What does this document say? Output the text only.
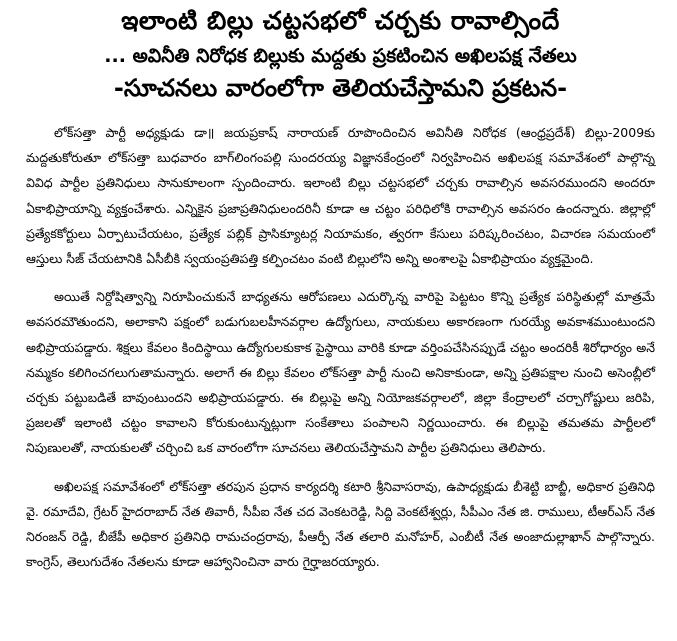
ఇలాంటి బిల్లు చట్టసభలో చర్చకు రావాల్సిందే
... అవినీతి నిరోధక బిల్లుకు మద్దతు ప్రకటించిన అఖిలపక్ష నేతలు
-సూచనలు వారంలోగా తెలియచేస్తామని ప్రకటన-

లోక్‌సత్తా పార్టీ అధ్యక్షుడు డా॥ జయప్రకాష్ నారాయణ్ రూపొందించిన అవినీతి నిరోధక (ఆంధ్రప్రదేశ్) బిల్లు-2009కు మద్దతుకోరుతూ లోక్‌సత్తా బుధవారం బాగ్‌లింగంపల్లి సుందరయ్య విజ్ఞానకేంద్రంలో నిర్వహించిన అఖిలపక్ష సమావేశంలో పాల్గొన్న వివిధ పార్టీల ప్రతినిధులు సానుకూలంగా స్పందించారు. ఇలాంటి బిల్లు చట్టసభలో చర్చకు రావాల్సిన అవసరముందని అందరూ ఏకాభిప్రాయాన్ని వ్యక్తంచేశారు. ఎన్నికైన ప్రజాప్రతినిధులందరినీ కూడా ఆ చట్టం పరిధిలోకి రావాల్సిన అవసరం ఉందన్నారు. జిల్లాల్లో ప్రత్యేకకోర్టులు ఏర్పాటుచేయటం, ప్రత్యేక పబ్లిక్ ప్రాసిక్యూటర్ల నియామకం, త్వరగా కేసులు పరిష్కరించటం, విచారణ సమయంలో ఆస్తులు సీజ్ చేయటానికి ఏసీబీకి స్వయంప్రతిపత్తి కల్పించటం వంటి బిల్లులోని అన్ని అంశాలపై ఏకాభిప్రాయం వ్యక్తమైంది.

అయితే నిర్దోషిత్వాన్ని నిరూపించుకునే బాధ్యతను ఆరోపణలు ఎదుర్కొన్న వారిపై పెట్టటం కొన్ని ప్రత్యేక పరిస్థితుల్లో మాత్రమే అవసరమౌతుందని, అలాకాని పక్షంలో బడుగుబలహీనవర్గాల ఉద్యోగులు, నాయకులు అకారణంగా గురయ్యే అవకాశముంటుందని అభిప్రాయపడ్డారు. శిక్షలు కేవలం కిందిస్థాయి ఉద్యోగులకుకాక పైస్థాయి వారికి కూడా వర్తింపచేసినప్పుడే చట్టం అందరికీ శిరోధార్యం అనే నమ్మకం కలిగించగలుగుతామన్నారు. అలాగే ఈ బిల్లు కేవలం లోక్‌సత్తా పార్టీ నుంచి అనికాకుండా, అన్ని ప్రతిపక్షాల నుంచి అసెంబ్లీలో చర్చకు పట్టుబడితే బావుంటుందని అభిప్రాయపడ్డారు. ఈ బిల్లుపై అన్ని నియోజకవర్గాలలో, జిల్లా కేంద్రాలలో చర్చాగోష్టులు జరిపి, ప్రజలతో ఇలాంటి చట్టం కావాలని కోరుకుంటున్నట్లుగా సంకేతాలు పంపాలని నిర్ణయించారు. ఈ బిల్లుపై తమతమ పార్టీలలో నిపుణులతో, నాయకులతో చర్చించి ఒక వారంలోగా సూచనలు తెలియచేస్తామని పార్టీల ప్రతినిధులు తెలిపారు.

అఖిలపక్ష సమావేశంలో లోక్‌సత్తా తరపున ప్రధాన కార్యదర్శి కటారి శ్రీనివాసరావు, ఉపాధ్యక్షుడు బీశెట్టి బాబ్జీ, అధికార ప్రతినిధి వై. రమాదేవి, గ్రేటర్ హైదరాబాద్ నేత తివారీ, సీపీఐ నేత చద వెంకటరెడ్డి, సిద్ది వెంకటేశ్వర్లు, సీపీఎం నేత జి. రాములు, టీఆర్ఎస్ నేత నిరంజన్ రెడ్డి, బీజేపీ అధికార ప్రతినిధి రామచంద్రరావు, పీఆర్పీ నేత తలారి మనోహర్, ఎంబీటీ నేత అంజాదుల్లాఖాన్ పాల్గొన్నారు. కాంగ్రెస్, తెలుగుదేశం నేతలను కూడా ఆహ్వానించినా వారు గైర్హాజరయ్యారు.
